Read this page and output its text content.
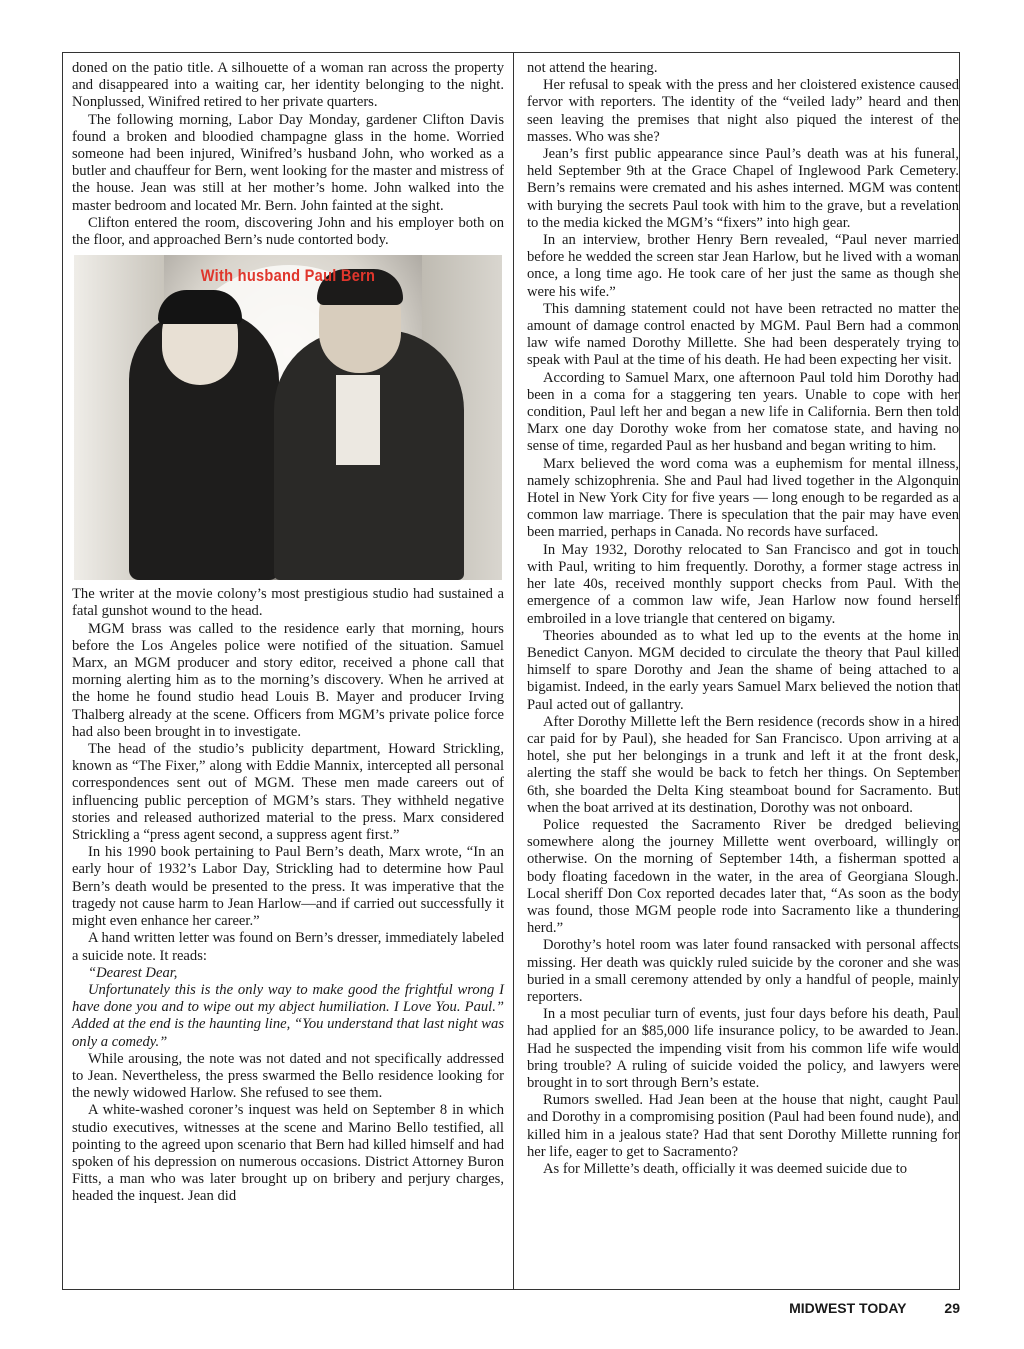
doned on the patio title. A silhouette of a woman ran across the property and disappeared into a waiting car, her identity belonging to the night. Nonplussed, Winifred retired to her private quarters.

The following morning, Labor Day Monday, gardener Clifton Davis found a broken and bloodied champagne glass in the home. Worried someone had been injured, Winifred’s husband John, who worked as a butler and chauffeur for Bern, went looking for the master and mistress of the house. Jean was still at her mother’s home. John walked into the master bedroom and located Mr. Bern. John fainted at the sight.

Clifton entered the room, discovering John and his employer both on the floor, and approached Bern’s nude contorted body.

With husband Paul Bern

The writer at the movie colony’s most prestigious studio had sustained a fatal gunshot wound to the head.

MGM brass was called to the residence early that morning, hours before the Los Angeles police were notified of the situation. Samuel Marx, an MGM producer and story editor, received a phone call that morning alerting him as to the morning’s discovery. When he arrived at the home he found studio head Louis B. Mayer and producer Irving Thalberg already at the scene. Officers from MGM’s private police force had also been brought in to investigate.

The head of the studio’s publicity department, Howard Strickling, known as “The Fixer,” along with Eddie Mannix, intercepted all personal correspondences sent out of MGM. These men made careers out of influencing public perception of MGM’s stars. They withheld negative stories and released authorized material to the press. Marx considered Strickling a “press agent second, a suppress agent first.”

In his 1990 book pertaining to Paul Bern’s death, Marx wrote, “In an early hour of 1932’s Labor Day, Strickling had to determine how Paul Bern’s death would be presented to the press. It was imperative that the tragedy not cause harm to Jean Harlow—and if carried out successfully it might even enhance her career.”

A hand written letter was found on Bern’s dresser, immediately labeled a suicide note. It reads:

“Dearest Dear,

Unfortunately this is the only way to make good the frightful wrong I have done you and to wipe out my abject humiliation. I Love You. Paul.” Added at the end is the haunting line, “You understand that last night was only a comedy.”

While arousing, the note was not dated and not specifically addressed to Jean. Nevertheless, the press swarmed the Bello residence looking for the newly widowed Harlow. She refused to see them.

A white-washed coroner’s inquest was held on September 8 in which studio executives, witnesses at the scene and Marino Bello testified, all pointing to the agreed upon scenario that Bern had killed himself and had spoken of his depression on numerous occasions. District Attorney Buron Fitts, a man who was later brought up on bribery and perjury charges, headed the inquest. Jean did

not attend the hearing.

Her refusal to speak with the press and her cloistered existence caused fervor with reporters. The identity of the “veiled lady” heard and then seen leaving the premises that night also piqued the interest of the masses. Who was she?

Jean’s first public appearance since Paul’s death was at his funeral, held September 9th at the Grace Chapel of Inglewood Park Cemetery. Bern’s remains were cremated and his ashes interned. MGM was content with burying the secrets Paul took with him to the grave, but a revelation to the media kicked the MGM’s “fixers” into high gear.

In an interview, brother Henry Bern revealed, “Paul never married before he wedded the screen star Jean Harlow, but he lived with a woman once, a long time ago. He took care of her just the same as though she were his wife.”

This damning statement could not have been retracted no matter the amount of damage control enacted by MGM. Paul Bern had a common law wife named Dorothy Millette. She had been desperately trying to speak with Paul at the time of his death. He had been expecting her visit.

According to Samuel Marx, one afternoon Paul told him Dorothy had been in a coma for a staggering ten years. Unable to cope with her condition, Paul left her and began a new life in California. Bern then told Marx one day Dorothy woke from her comatose state, and having no sense of time, regarded Paul as her husband and began writing to him.

Marx believed the word coma was a euphemism for mental illness, namely schizophrenia. She and Paul had lived together in the Algonquin Hotel in New York City for five years — long enough to be regarded as a common law marriage. There is speculation that the pair may have even been married, perhaps in Canada. No records have surfaced.

In May 1932, Dorothy relocated to San Francisco and got in touch with Paul, writing to him frequently. Dorothy, a former stage actress in her late 40s, received monthly support checks from Paul. With the emergence of a common law wife, Jean Harlow now found herself embroiled in a love triangle that centered on bigamy.

Theories abounded as to what led up to the events at the home in Benedict Canyon. MGM decided to circulate the theory that Paul killed himself to spare Dorothy and Jean the shame of being attached to a bigamist. Indeed, in the early years Samuel Marx believed the notion that Paul acted out of gallantry.

After Dorothy Millette left the Bern residence (records show in a hired car paid for by Paul), she headed for San Francisco. Upon arriving at a hotel, she put her belongings in a trunk and left it at the front desk, alerting the staff she would be back to fetch her things. On September 6th, she boarded the Delta King steamboat bound for Sacramento. But when the boat arrived at its destination, Dorothy was not onboard.

Police requested the Sacramento River be dredged believing somewhere along the journey Millette went overboard, willingly or otherwise. On the morning of September 14th, a fisherman spotted a body floating facedown in the water, in the area of Georgiana Slough. Local sheriff Don Cox reported decades later that, “As soon as the body was found, those MGM people rode into Sacramento like a thundering herd.”

Dorothy’s hotel room was later found ransacked with personal affects missing. Her death was quickly ruled suicide by the coroner and she was buried in a small ceremony attended by only a handful of people, mainly reporters.

In a most peculiar turn of events, just four days before his death, Paul had applied for an $85,000 life insurance policy, to be awarded to Jean. Had he suspected the impending visit from his common life wife would bring trouble? A ruling of suicide voided the policy, and lawyers were brought in to sort through Bern’s estate.

Rumors swelled. Had Jean been at the house that night, caught Paul and Dorothy in a compromising position (Paul had been found nude), and killed him in a jealous state? Had that sent Dorothy Millette running for her life, eager to get to Sacramento?

As for Millette’s death, officially it was deemed suicide due to

MIDWEST TODAY	29
